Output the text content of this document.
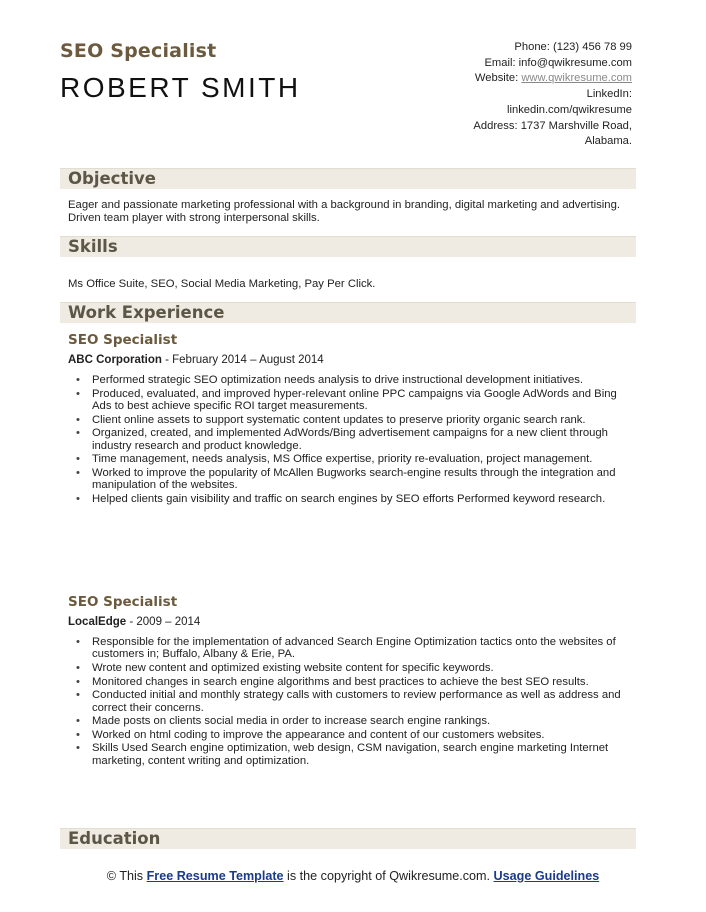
SEO Specialist
ROBERT SMITH
Phone: (123) 456 78 99
Email: info@qwikresume.com
Website: www.qwikresume.com
LinkedIn:
linkedin.com/qwikresume
Address: 1737 Marshville Road,
Alabama.
Objective
Eager and passionate marketing professional with a background in branding, digital marketing and advertising. Driven team player with strong interpersonal skills.
Skills
Ms Office Suite, SEO, Social Media Marketing, Pay Per Click.
Work Experience
SEO Specialist
ABC Corporation - February 2014 – August 2014
• Performed strategic SEO optimization needs analysis to drive instructional development initiatives.
• Produced, evaluated, and improved hyper-relevant online PPC campaigns via Google AdWords and Bing Ads to best achieve specific ROI target measurements.
• Client online assets to support systematic content updates to preserve priority organic search rank.
• Organized, created, and implemented AdWords/Bing advertisement campaigns for a new client through industry research and product knowledge.
• Time management, needs analysis, MS Office expertise, priority re-evaluation, project management.
• Worked to improve the popularity of McAllen Bugworks search-engine results through the integration and manipulation of the websites.
• Helped clients gain visibility and traffic on search engines by SEO efforts Performed keyword research.
SEO Specialist
LocalEdge - 2009 – 2014
• Responsible for the implementation of advanced Search Engine Optimization tactics onto the websites of customers in; Buffalo, Albany & Erie, PA.
• Wrote new content and optimized existing website content for specific keywords.
• Monitored changes in search engine algorithms and best practices to achieve the best SEO results.
• Conducted initial and monthly strategy calls with customers to review performance as well as address and correct their concerns.
• Made posts on clients social media in order to increase search engine rankings.
• Worked on html coding to improve the appearance and content of our customers websites.
• Skills Used Search engine optimization, web design, CSM navigation, search engine marketing Internet marketing, content writing and optimization.
Education
© This Free Resume Template is the copyright of Qwikresume.com. Usage Guidelines
